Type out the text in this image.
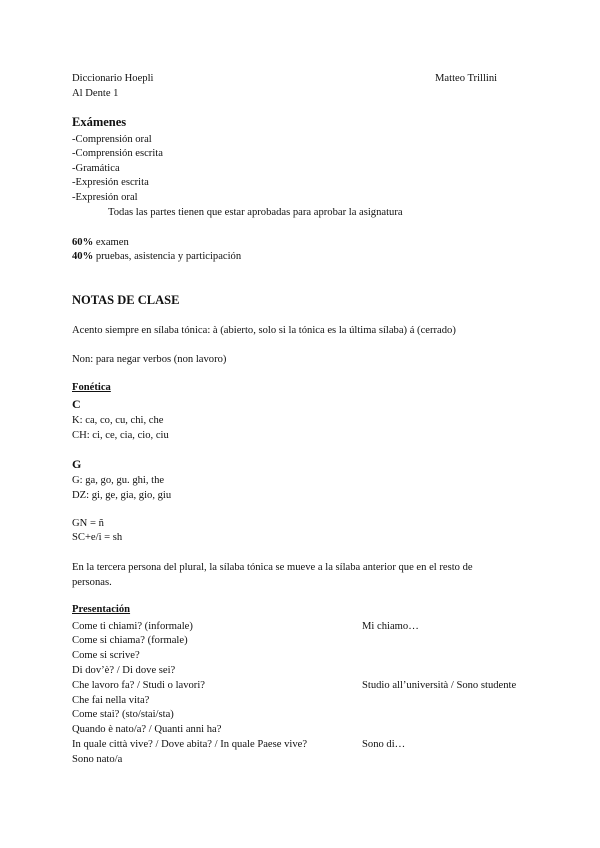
Diccionario Hoepli
Al Dente 1
Matteo Trillini
Exámenes
-Comprensión oral
-Comprensión escrita
-Gramática
-Expresión escrita
-Expresión oral
Todas las partes tienen que estar aprobadas para aprobar la asignatura
60% examen
40% pruebas, asistencia y participación
NOTAS DE CLASE
Acento siempre en sílaba tónica: à (abierto, solo si la tónica es la última sílaba) á (cerrado)
Non: para negar verbos (non lavoro)
Fonética
C
K: ca, co, cu, chi, che
CH: ci, ce, cia, cio, ciu
G
G: ga, go, gu. ghi, the
DZ: gi, ge, gia, gio, giu
GN = ñ
SC+e/i = sh
En la tercera persona del plural, la sílaba tónica se mueve a la sílaba anterior que en el resto de
personas.
Presentación
Come ti chiami? (informale)	Mi chiamo…
Come si chiama? (formale)
Come si scrive?
Di dov’è? / Di dove sei?
Che lavoro fa? / Studi o lavori?	Studio all’università / Sono studente
Che fai nella vita?
Come stai? (sto/stai/sta)
Quando è nato/a? / Quanti anni ha?
In quale città vive? / Dove abita? / In quale Paese vive?	Sono di…
Sono nato/a
